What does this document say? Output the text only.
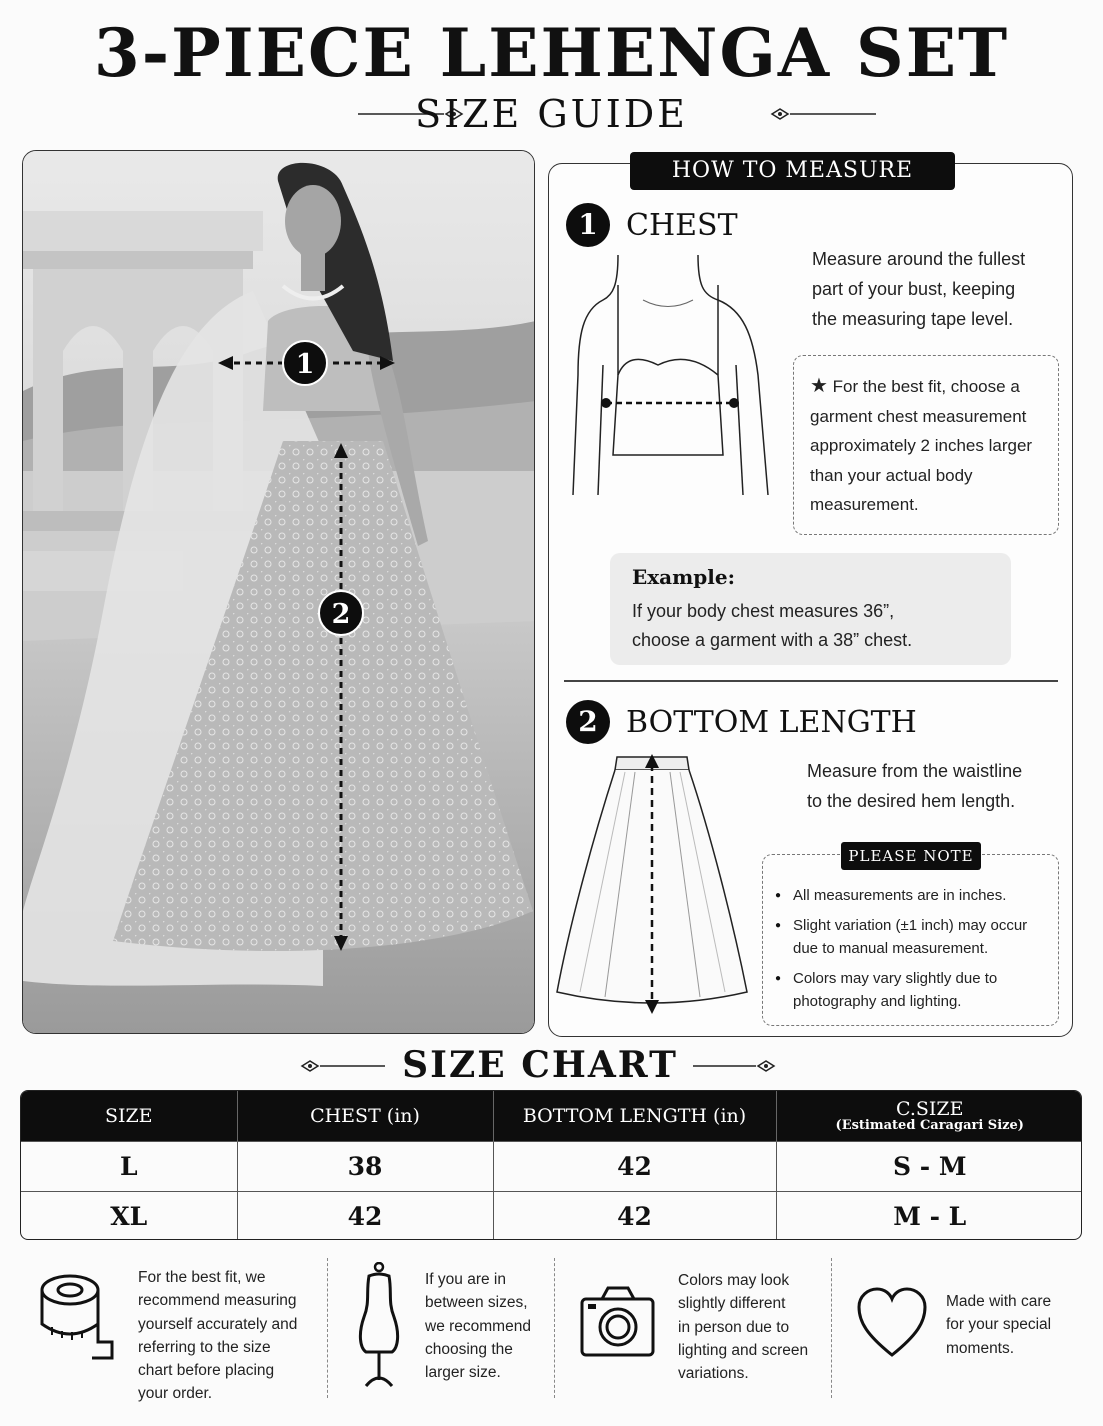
3-PIECE LEHENGA SET
SIZE GUIDE
1
2
HOW TO MEASURE
1 CHEST
Measure around the fullest
part of your bust, keeping
the measuring tape level.
★ For the best fit, choose a
garment chest measurement
approximately 2 inches larger
than your actual body
measurement.
Example:
If your body chest measures 36”,
choose a garment with a 38” chest.
2 BOTTOM LENGTH
Measure from the waistline
to the desired hem length.
PLEASE NOTE
● All measurements are in inches.
● Slight variation (±1 inch) may occur due to manual measurement.
● Colors may vary slightly due to photography and lighting.
SIZE CHART
SIZE	CHEST (in)	BOTTOM LENGTH (in)	C.SIZE
(Estimated Caragari Size)

L	38	42	S - M
XL	42	42	M - L
For the best fit, we
recommend measuring
yourself accurately and
referring to the size
chart before placing
your order.
If you are in
between sizes,
we recommend
choosing the
larger size.
Colors may look
slightly different
in person due to
lighting and screen
variations.
Made with care
for your special
moments.
